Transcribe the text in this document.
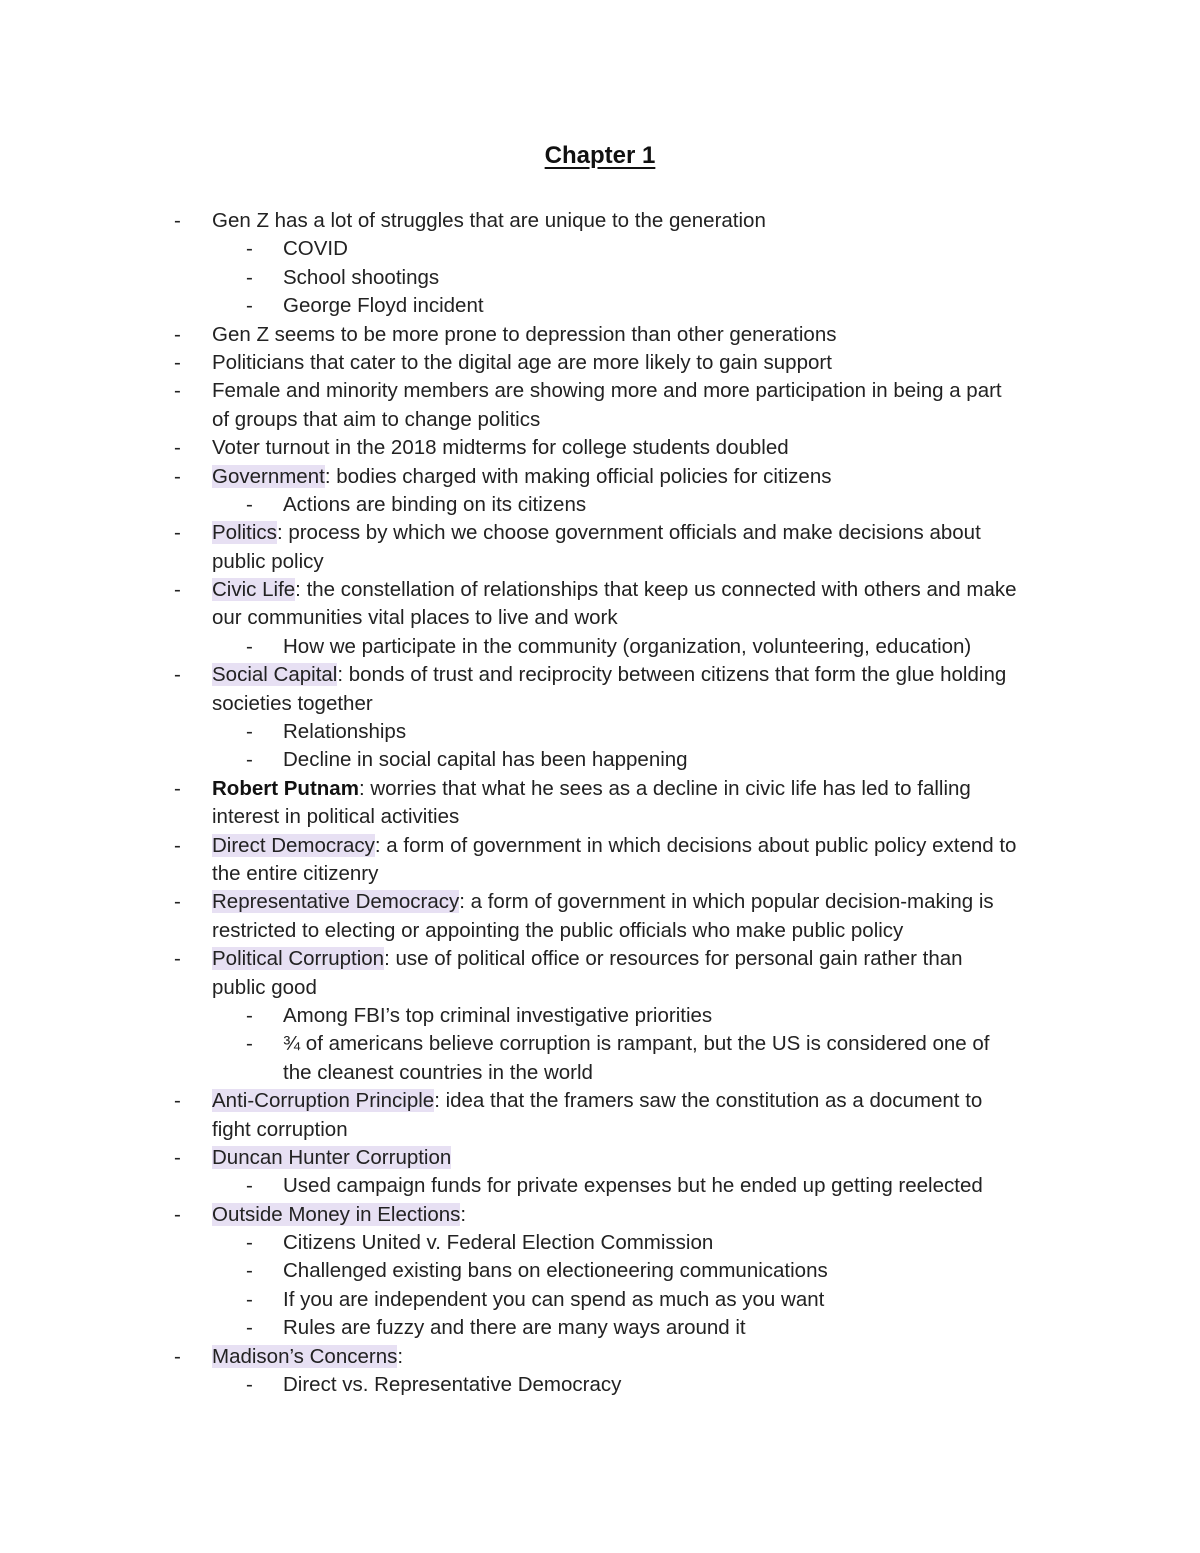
Chapter 1
- Gen Z has a lot of struggles that are unique to the generation
- COVID
- School shootings
- George Floyd incident
- Gen Z seems to be more prone to depression than other generations
- Politicians that cater to the digital age are more likely to gain support
- Female and minority members are showing more and more participation in being a part
of groups that aim to change politics
- Voter turnout in the 2018 midterms for college students doubled
- Government: bodies charged with making official policies for citizens
- Actions are binding on its citizens
- Politics: process by which we choose government officials and make decisions about
public policy
- Civic Life: the constellation of relationships that keep us connected with others and make
our communities vital places to live and work
- How we participate in the community (organization, volunteering, education)
- Social Capital: bonds of trust and reciprocity between citizens that form the glue holding
societies together
- Relationships
- Decline in social capital has been happening
- Robert Putnam: worries that what he sees as a decline in civic life has led to falling
interest in political activities
- Direct Democracy: a form of government in which decisions about public policy extend to
the entire citizenry
- Representative Democracy: a form of government in which popular decision-making is
restricted to electing or appointing the public officials who make public policy
- Political Corruption: use of political office or resources for personal gain rather than
public good
- Among FBI’s top criminal investigative priorities
- ¾ of americans believe corruption is rampant, but the US is considered one of
the cleanest countries in the world
- Anti-Corruption Principle: idea that the framers saw the constitution as a document to
fight corruption
- Duncan Hunter Corruption
- Used campaign funds for private expenses but he ended up getting reelected
- Outside Money in Elections:
- Citizens United v. Federal Election Commission
- Challenged existing bans on electioneering communications
- If you are independent you can spend as much as you want
- Rules are fuzzy and there are many ways around it
- Madison’s Concerns:
- Direct vs. Representative Democracy
